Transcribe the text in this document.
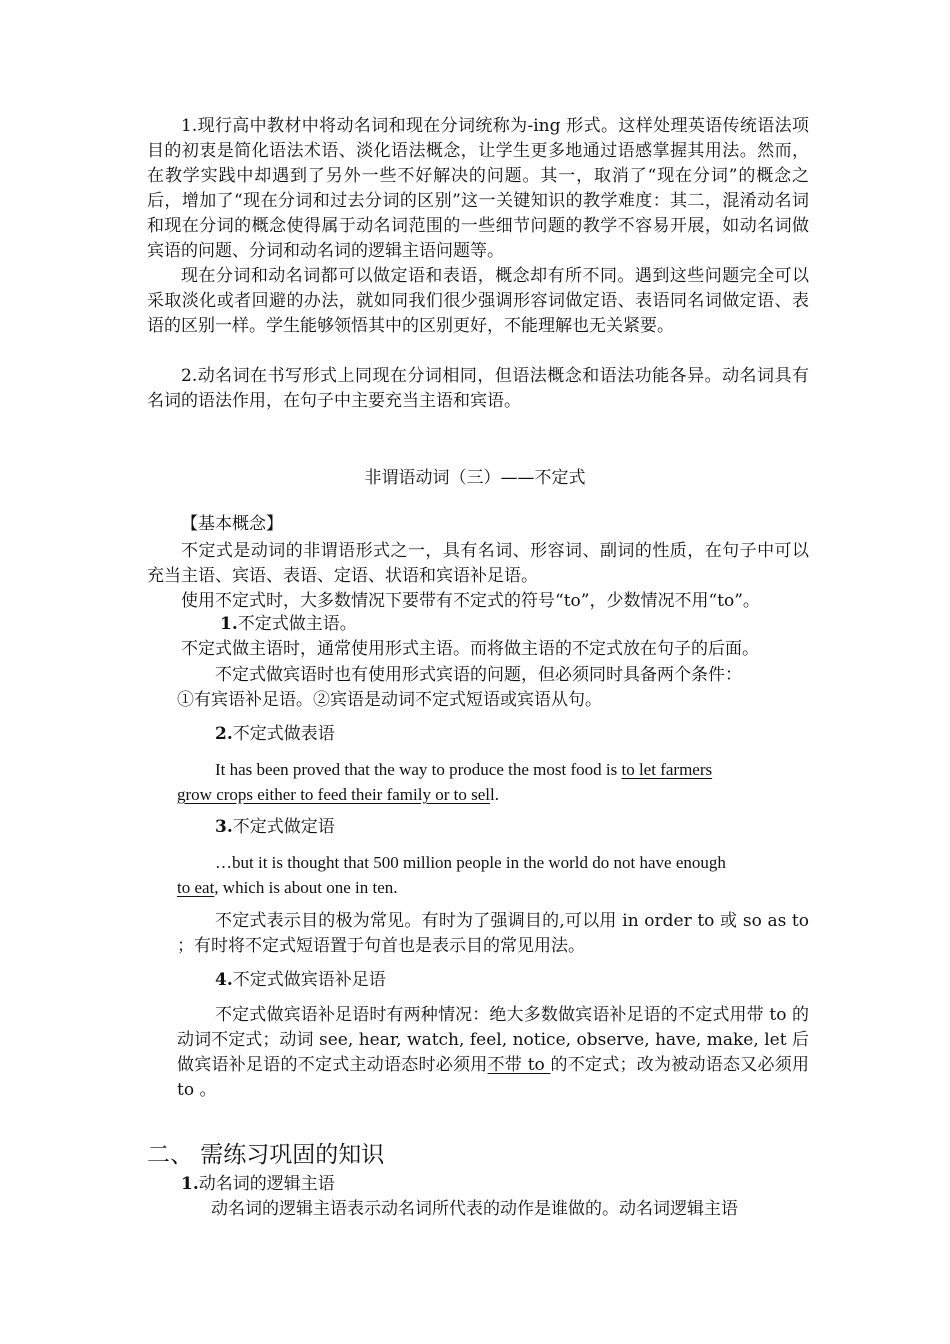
1.现行高中教材中将动名词和现在分词统称为-ing 形式。这样处理英语传统语法项目的初衷是简化语法术语、淡化语法概念，让学生更多地通过语感掌握其用法。然而，在教学实践中却遇到了另外一些不好解决的问题。其一，取消了“现在分词”的概念之后，增加了“现在分词和过去分词的区别”这一关键知识的教学难度：其二，混淆动名词和现在分词的概念使得属于动名词范围的一些细节问题的教学不容易开展，如动名词做宾语的问题、分词和动名词的逻辑主语问题等。

现在分词和动名词都可以做定语和表语，概念却有所不同。遇到这些问题完全可以采取淡化或者回避的办法，就如同我们很少强调形容词做定语、表语同名词做定语、表语的区别一样。学生能够领悟其中的区别更好，不能理解也无关紧要。

2.动名词在书写形式上同现在分词相同，但语法概念和语法功能各异。动名词具有名词的语法作用，在句子中主要充当主语和宾语。

非谓语动词（三）——不定式
【基本概念】

不定式是动词的非谓语形式之一，具有名词、形容词、副词的性质，在句子中可以充当主语、宾语、表语、定语、状语和宾语补足语。

使用不定式时，大多数情况下要带有不定式的符号“to”，少数情况不用“to”。
1.不定式做主语。
不定式做主语时，通常使用形式主语。而将做主语的不定式放在句子的后面。
不定式做宾语时也有使用形式宾语的问题，但必须同时具备两个条件：
①有宾语补足语。②宾语是动词不定式短语或宾语从句。
2.不定式做表语
It has been proved that the way to produce the most food is to let farmers
grow crops either to feed their family or to sell.
3.不定式做定语
…but it is thought that 500 million people in the world do not have enough
to eat, which is about one in ten.

不定式表示目的极为常见。有时为了强调目的,可以用 in order to 或 so as to ；有时将不定式短语置于句首也是表示目的常见用法。

4.不定式做宾语补足语

不定式做宾语补足语时有两种情况：绝大多数做宾语补足语的不定式用带 to 的动词不定式；动词 see, hear, watch, feel, notice, observe, have, make, let 后做宾语补足语的不定式主动语态时必须用不带 to 的不定式；改为被动语态又必须用 to 。

二、 需练习巩固的知识
1.动名词的逻辑主语
动名词的逻辑主语表示动名词所代表的动作是谁做的。动名词逻辑主语
